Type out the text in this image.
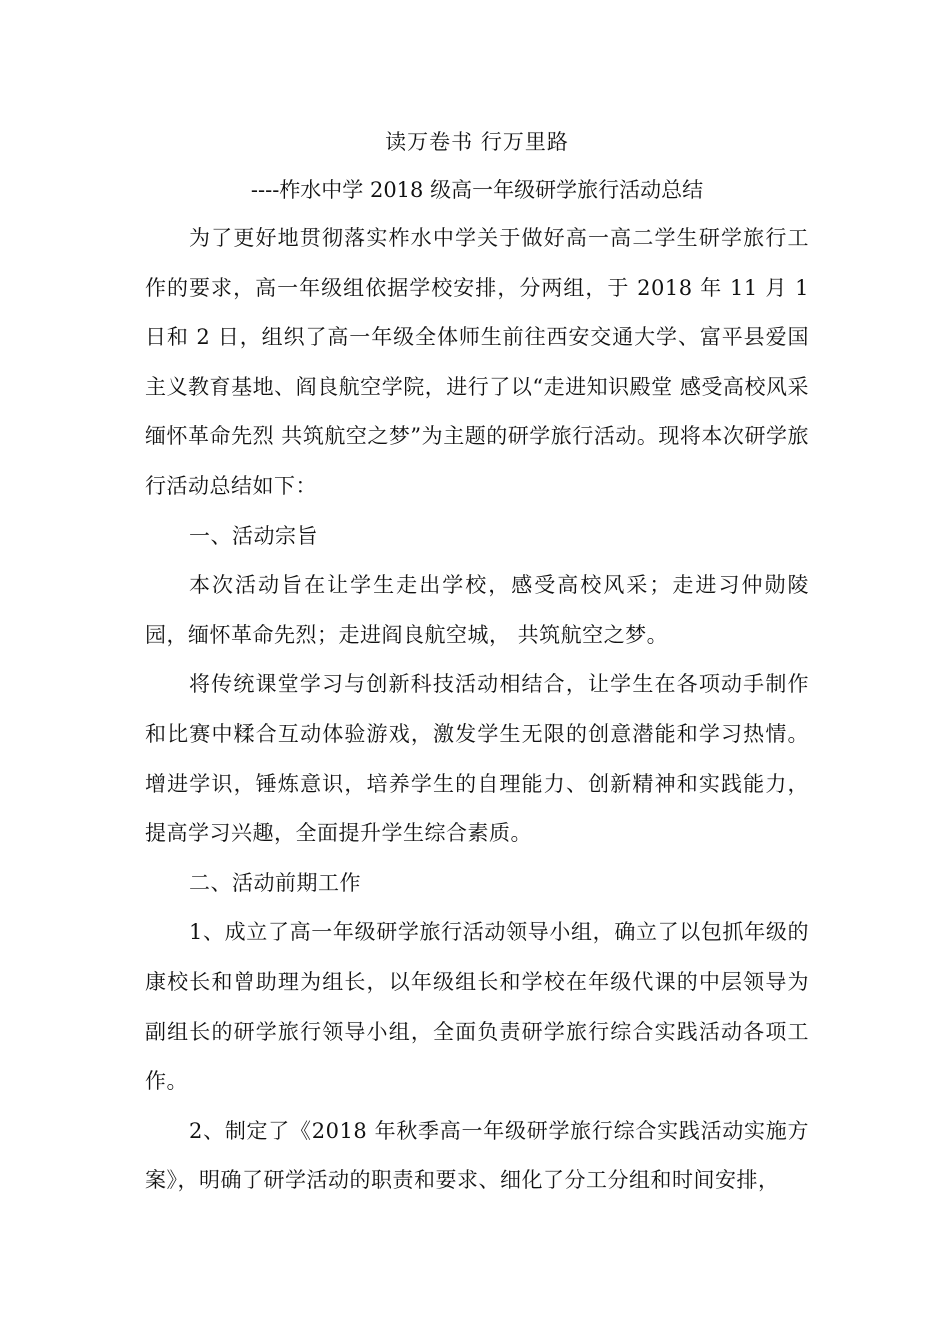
读万卷书 行万里路

----柞水中学 2018 级高一年级研学旅行活动总结

为了更好地贯彻落实柞水中学关于做好高一高二学生研学旅行工作的要求，高一年级组依据学校安排，分两组，于 2018 年 11 月 1 日和 2 日，组织了高一年级全体师生前往西安交通大学、富平县爱国主义教育基地、阎良航空学院，进行了以“走进知识殿堂 感受高校风采 缅怀革命先烈 共筑航空之梦”为主题的研学旅行活动。现将本次研学旅行活动总结如下：

一、活动宗旨

本次活动旨在让学生走出学校，感受高校风采；走进习仲勋陵园，缅怀革命先烈；走进阎良航空城， 共筑航空之梦。

将传统课堂学习与创新科技活动相结合，让学生在各项动手制作和比赛中糅合互动体验游戏，激发学生无限的创意潜能和学习热情。增进学识，锤炼意识，培养学生的自理能力、创新精神和实践能力，提高学习兴趣，全面提升学生综合素质。

二、活动前期工作

1、成立了高一年级研学旅行活动领导小组，确立了以包抓年级的康校长和曾助理为组长，以年级组长和学校在年级代课的中层领导为副组长的研学旅行领导小组，全面负责研学旅行综合实践活动各项工作。

2、制定了《2018 年秋季高一年级研学旅行综合实践活动实施方案》，明确了研学活动的职责和要求、细化了分工分组和时间安排，
